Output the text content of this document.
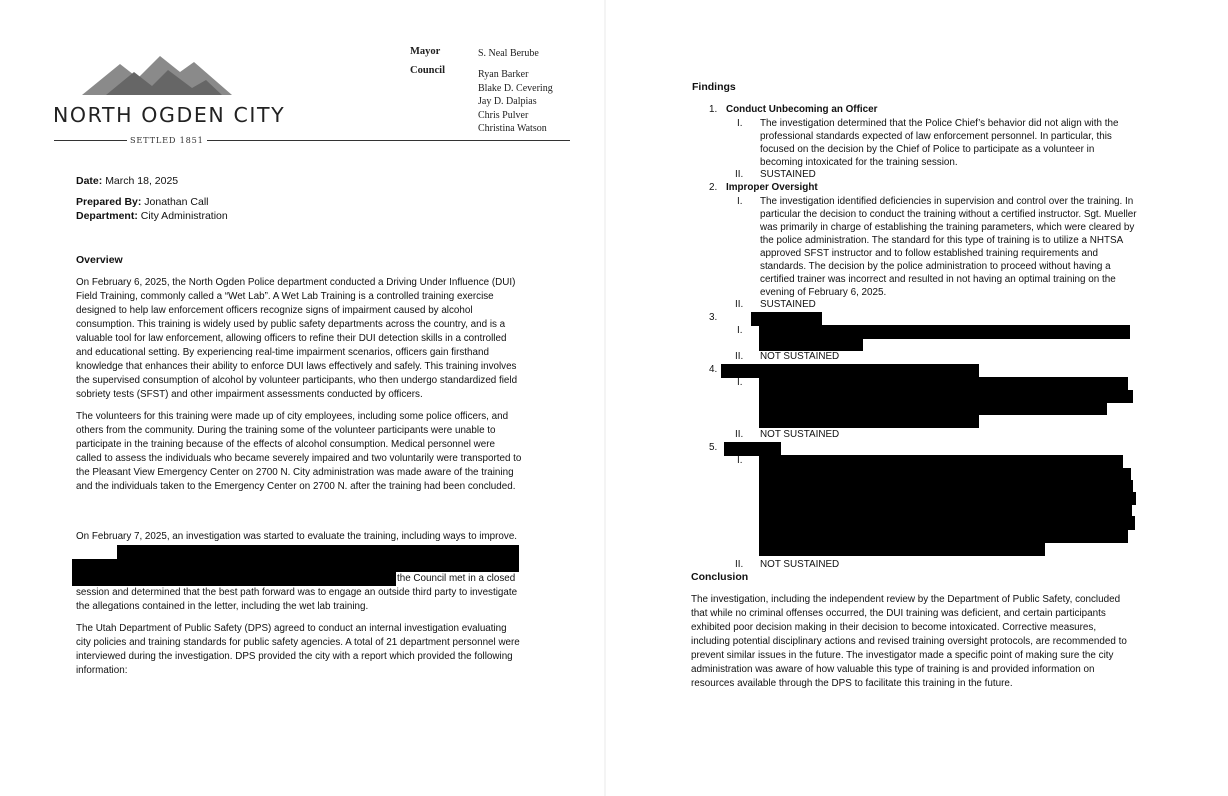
NORTH OGDEN CITY
SETTLED 1851
Mayor	S. Neal Berube
Council	Ryan Barker
Blake D. Cevering
Jay D. Dalpias
Chris Pulver
Christina Watson
Date: March 18, 2025
Prepared By: Jonathan Call
Department: City Administration
Overview

On February 6, 2025, the North Ogden Police department conducted a Driving Under Influence (DUI) Field Training, commonly called a “Wet Lab”. A Wet Lab Training is a controlled training exercise designed to help law enforcement officers recognize signs of impairment caused by alcohol consumption. This training is widely used by public safety departments across the country, and is a valuable tool for law enforcement, allowing officers to refine their DUI detection skills in a controlled and educational setting. By experiencing real-time impairment scenarios, officers gain firsthand knowledge that enhances their ability to enforce DUI laws effectively and safely. This training involves the supervised consumption of alcohol by volunteer participants, who then undergo standardized field sobriety tests (SFST) and other impairment assessments conducted by officers.

The volunteers for this training were made up of city employees, including some police officers, and others from the community. During the training some of the volunteer participants were unable to participate in the training because of the effects of alcohol consumption. Medical personnel were called to assess the individuals who became severely impaired and two voluntarily were transported to the Pleasant View Emergency Center on 2700 N. City administration was made aware of the training and the individuals taken to the Emergency Center on 2700 N. after the training had been concluded.

On February 7, 2025, an investigation was started to evaluate the training, including ways to improve.
the Council met in a closed
session and determined that the best path forward was to engage an outside third party to investigate the allegations contained in the letter, including the wet lab training.
The Utah Department of Public Safety (DPS) agreed to conduct an internal investigation evaluating city policies and training standards for public safety agencies. A total of 21 department personnel were interviewed during the investigation. DPS provided the city with a report which provided the following information:
Findings
1. Conduct Unbecoming an Officer
I. The investigation determined that the Police Chief’s behavior did not align with the professional standards expected of law enforcement personnel. In particular, this focused on the decision by the Chief of Police to participate as a volunteer in becoming intoxicated for the training session.
II. SUSTAINED
2. Improper Oversight
I. The investigation identified deficiencies in supervision and control over the training. In particular the decision to conduct the training without a certified instructor. Sgt. Mueller was primarily in charge of establishing the training parameters, which were cleared by the police administration. The standard for this type of training is to utilize a NHTSA approved SFST instructor and to follow established training requirements and standards. The decision by the police administration to proceed without having a certified trainer was incorrect and resulted in not having an optimal training on the evening of February 6, 2025.
II. SUSTAINED
3.
I.
II. NOT SUSTAINED
4.
I.
II. NOT SUSTAINED
5.
I.
II. NOT SUSTAINED
Conclusion
The investigation, including the independent review by the Department of Public Safety, concluded that while no criminal offenses occurred, the DUI training was deficient, and certain participants exhibited poor decision making in their decision to become intoxicated. Corrective measures, including potential disciplinary actions and revised training oversight protocols, are recommended to prevent similar issues in the future. The investigator made a specific point of making sure the city administration was aware of how valuable this type of training is and provided information on resources available through the DPS to facilitate this training in the future.
